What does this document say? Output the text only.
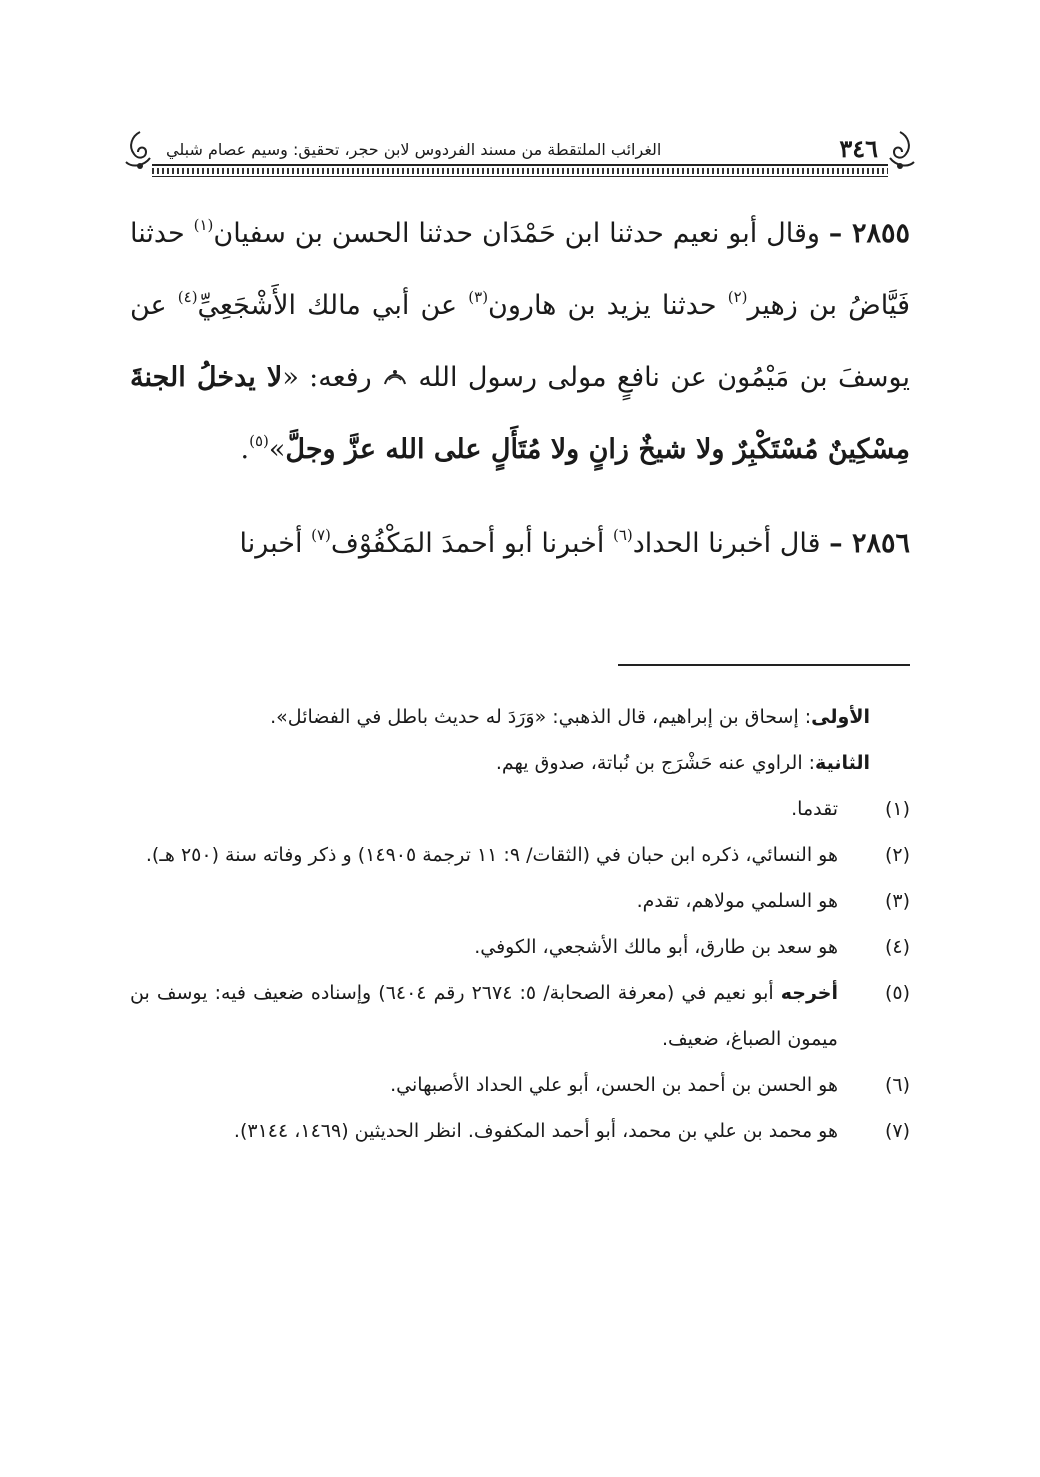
٣٤٦
الغرائب الملتقطة من مسند الفردوس لابن حجر، تحقيق: وسيم عصام شبلي

٢٨٥٥ – وقال أبو نعيم حدثنا ابن حَمْدَان حدثنا الحسن بن سفيان$^{(١)}$ حدثنا فَيَّاضُ بن زهير$^{(٢)}$ حدثنا يزيد بن هارون$^{(٣)}$ عن أبي مالك الأَشْجَعِيِّ$^{(٤)}$ عن يوسفَ بن مَيْمُون عن نافعٍ مولى رسول الله  رفعه: «لا يدخلُ الجنةَ مِسْكِينٌ مُسْتَكْبِرٌ ولا شيخٌ زانٍ ولا مُتَأَلٍ على الله عزَّ وجلَّ»$^{(٥)}$.

٢٨٥٦ – قال أخبرنا الحداد$^{(٦)}$ أخبرنا أبو أحمدَ المَكْفُوْف$^{(٧)}$ أخبرنا

الأولى: إسحاق بن إبراهيم، قال الذهبي: «وَرَدَ له حديث باطل في الفضائل».

الثانية: الراوي عنه حَشْرَج بن نُباتة، صدوق يهم.

(١)
تقدما.
(٢)
هو النسائي، ذكره ابن حبان في (الثقات/ ٩: ١١ ترجمة ١٤٩٠٥) و ذكر وفاته سنة (٢٥٠ هـ).
(٣)
هو السلمي مولاهم، تقدم.
(٤)
هو سعد بن طارق، أبو مالك الأشجعي، الكوفي.
(٥)
أخرجه أبو نعيم في (معرفة الصحابة/ ٥: ٢٦٧٤ رقم ٦٤٠٤) وإسناده ضعيف فيه: يوسف بن ميمون الصباغ، ضعيف.
(٦)
هو الحسن بن أحمد بن الحسن، أبو علي الحداد الأصبهاني.
(٧)
هو محمد بن علي بن محمد، أبو أحمد المكفوف. انظر الحديثين (١٤٦٩، ٣١٤٤).
